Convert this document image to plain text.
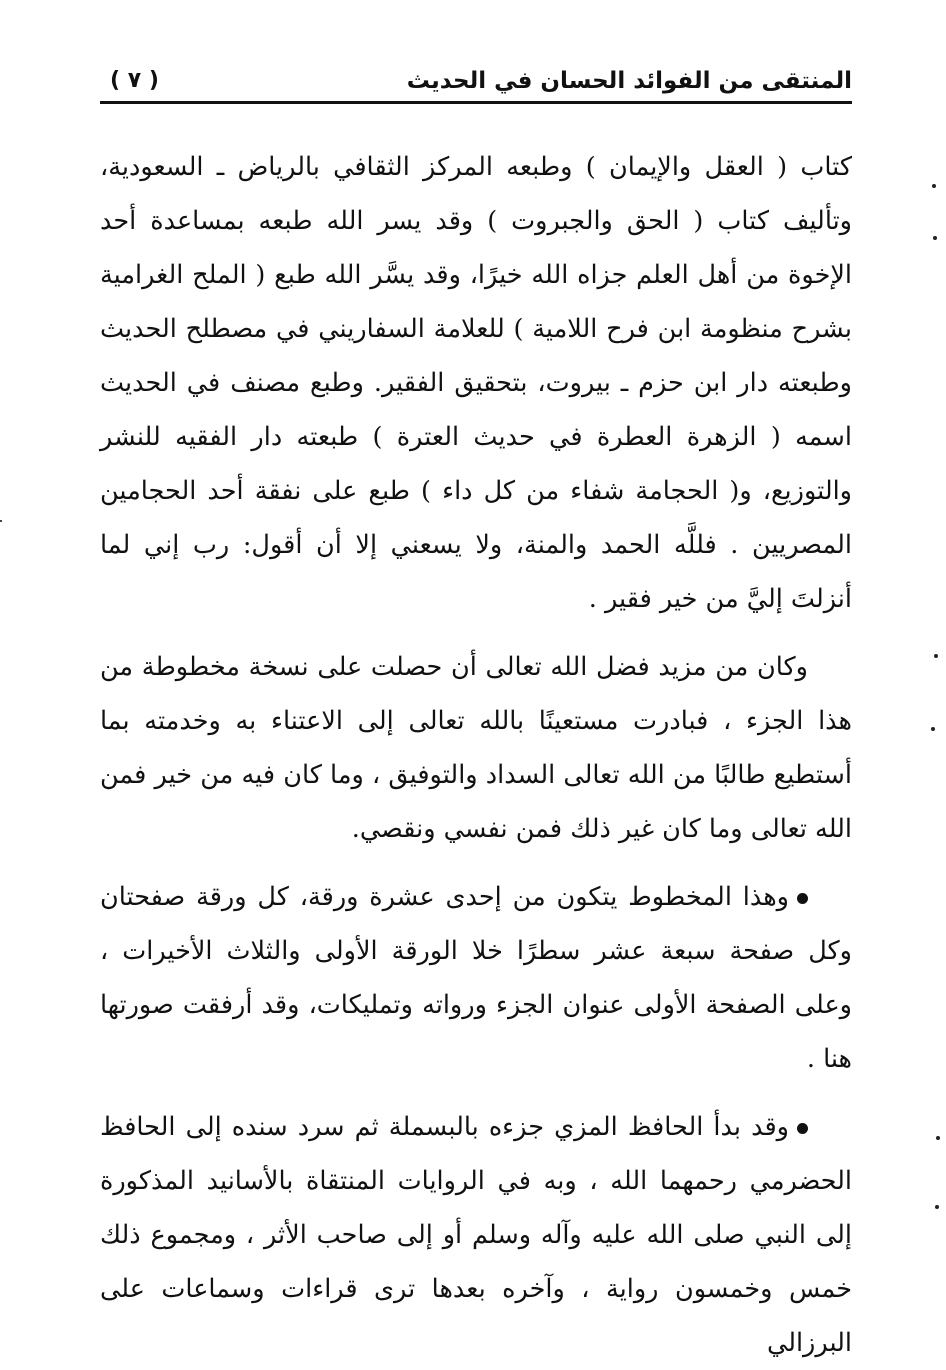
المنتقى من الفوائد الحسان في الحديث
( ٧ )

كتاب ( العقل والإيمان ) وطبعه المركز الثقافي بالرياض ـ السعودية، وتأليف كتاب ( الحق والجبروت ) وقد يسر الله طبعه بمساعدة أحد الإخوة من أهل العلم جزاه الله خيرًا، وقد يسَّر الله طبع ( الملح الغرامية بشرح منظومة ابن فرح اللامية ) للعلامة السفاريني في مصطلح الحديث وطبعته دار ابن حزم ـ بيروت، بتحقيق الفقير. وطبع مصنف في الحديث اسمه ( الزهرة العطرة في حديث العترة ) طبعته دار الفقيه للنشر والتوزيع، و( الحجامة شفاء من كل داء ) طبع على نفقة أحد الحجامين المصريين . فللَّه الحمد والمنة، ولا يسعني إلا أن أقول: رب إني لما أنزلتَ إليَّ من خير فقير .

وكان من مزيد فضل الله تعالى أن حصلت على نسخة مخطوطة من هذا الجزء ، فبادرت مستعينًا بالله تعالى إلى الاعتناء به وخدمته بما أستطيع طالبًا من الله تعالى السداد والتوفيق ، وما كان فيه من خير فمن الله تعالى وما كان غير ذلك فمن نفسي ونقصي.

وهذا المخطوط يتكون من إحدى عشرة ورقة، كل ورقة صفحتان وكل صفحة سبعة عشر سطرًا خلا الورقة الأولى والثلاث الأخيرات ، وعلى الصفحة الأولى عنوان الجزء ورواته وتمليكات، وقد أرفقت صورتها هنا .

وقد بدأ الحافظ المزي جزءه بالبسملة ثم سرد سنده إلى الحافظ الحضرمي رحمهما الله ، وبه في الروايات المنتقاة بالأسانيد المذكورة إلى النبي صلى الله عليه وآله وسلم أو إلى صاحب الأثر ، ومجموع ذلك خمس وخمسون رواية ، وآخره بعدها ترى قراءات وسماعات على البرزالي
